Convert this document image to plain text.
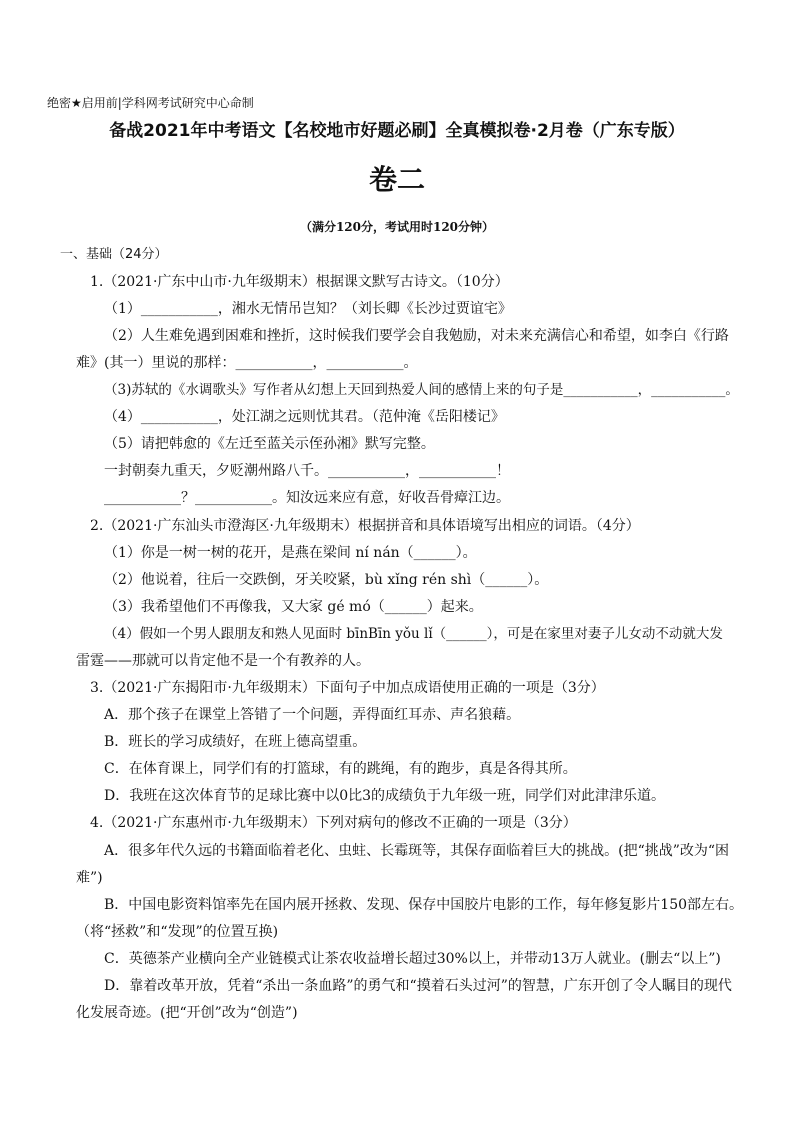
绝密★启用前|学科网考试研究中心命制
备战2021年中考语文【名校地市好题必刷】全真模拟卷·2月卷（广东专版）
卷二
（满分120分，考试用时120分钟）
一、基础（24分）
1.（2021·广东中山市·九年级期末）根据课文默写古诗文。（10分）
（1）___________，湘水无情吊岂知？（刘长卿《长沙过贾谊宅》
（2）人生难免遇到困难和挫折，这时候我们要学会自我勉励，对未来充满信心和希望，如李白《行路
难》(其一）里说的那样：___________，___________。
（3)苏轼的《水调歌头》写作者从幻想上天回到热爱人间的感情上来的句子是___________，___________。
（4）___________，处江湖之远则忧其君。（范仲淹《岳阳楼记》
（5）请把韩愈的《左迁至蓝关示侄孙湘》默写完整。
一封朝奏九重天，夕贬潮州路八千。___________，___________！
___________？___________。知汝远来应有意，好收吾骨瘴江边。
2.（2021·广东汕头市澄海区·九年级期末）根据拼音和具体语境写出相应的词语。（4分）
（1）你是一树一树的花开，是燕在梁间 ní nán（______）。
（2）他说着，往后一交跌倒，牙关咬紧，bù xǐng rén shì（______）。
（3）我希望他们不再像我，又大家 gé mó（______）起来。
（4）假如一个男人跟朋友和熟人见面时 bīnBīn yǒu lǐ（______），可是在家里对妻子儿女动不动就大发
雷霆——那就可以肯定他不是一个有教养的人。
3.（2021·广东揭阳市·九年级期末）下面句子中加点成语使用正确的一项是（3分）
A．那个孩子在课堂上答错了一个问题，弄得面红耳赤、声名狼藉。
B．班长的学习成绩好，在班上德高望重。
C．在体育课上，同学们有的打篮球，有的跳绳，有的跑步，真是各得其所。
D．我班在这次体育节的足球比赛中以0比3的成绩负于九年级一班，同学们对此津津乐道。
4.（2021·广东惠州市·九年级期末）下列对病句的修改不正确的一项是（3分）
A．很多年代久远的书籍面临着老化、虫蛀、长霉斑等，其保存面临着巨大的挑战。(把“挑战”改为“困
难”)
B．中国电影资料馆率先在国内展开拯救、发现、保存中国胶片电影的工作，每年修复影片150部左右。
（将“拯救”和“发现”的位置互换)
C．英德茶产业横向全产业链模式让茶农收益增长超过30%以上，并带动13万人就业。(删去“以上”)
D．靠着改革开放，凭着“杀出一条血路”的勇气和“摸着石头过河”的智慧，广东开创了令人瞩目的现代
化发展奇迹。(把“开创”改为“创造”)
